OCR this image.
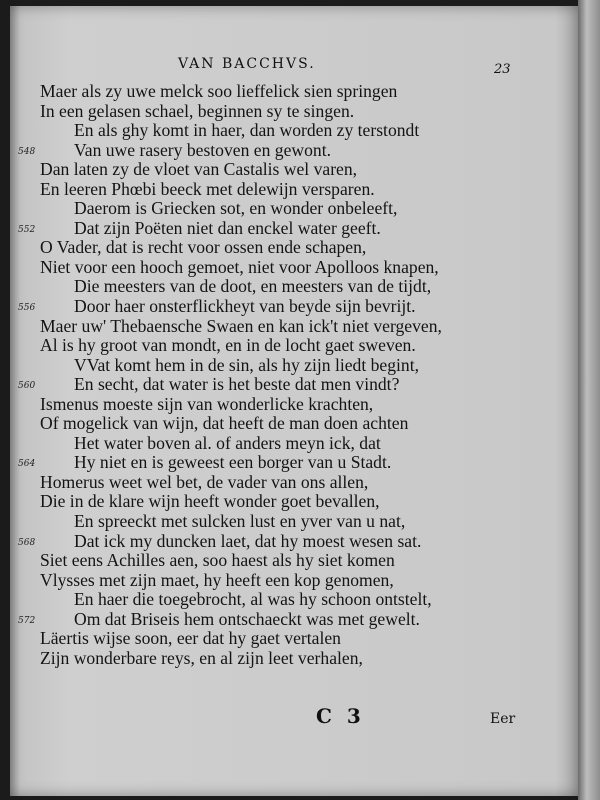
VAN BACCHVS.	23
Maer als zy uwe melck soo lieffelick sien springen
In een gelasen schael, beginnen sy te singen.
En als ghy komt in haer, dan worden zy terstondt
548 Van uwe rasery bestoven en gewont.
Dan laten zy de vloet van Castalis wel varen,
En leeren Phœbi beeck met delewijn versparen.
Daerom is Griecken sot, en wonder onbeleeft,
552 Dat zijn Poëten niet dan enckel water geeft.
O Vader, dat is recht voor ossen ende schapen,
Niet voor een hooch gemoet, niet voor Apolloos knapen,
Die meesters van de doot, en meesters van de tijdt,
556 Door haer onsterflickheyt van beyde sijn bevrijt.
Maer uw' Thebaensche Swaen en kan ick't niet vergeven,
Al is hy groot van mondt, en in de locht gaet sweven.
VVat komt hem in de sin, als hy zijn liedt begint,
560 En secht, dat water is het beste dat men vindt?
Ismenus moeste sijn van wonderlicke krachten,
Of mogelick van wijn, dat heeft de man doen achten
Het water boven al. of anders meyn ick, dat
564 Hy niet en is geweest een borger van u Stadt.
Homerus weet wel bet, de vader van ons allen,
Die in de klare wijn heeft wonder goet bevallen,
En spreeckt met sulcken lust en yver van u nat,
568 Dat ick my duncken laet, dat hy moest wesen sat.
Siet eens Achilles aen, soo haest als hy siet komen
Vlysses met zijn maet, hy heeft een kop genomen,
En haer die toegebrocht, al was hy schoon ontstelt,
572 Om dat Briseis hem ontschaeckt was met gewelt.
Läertis wijse soon, eer dat hy gaet vertalen
Zijn wonderbare reys, en al zijn leet verhalen,
C 3	Eer
